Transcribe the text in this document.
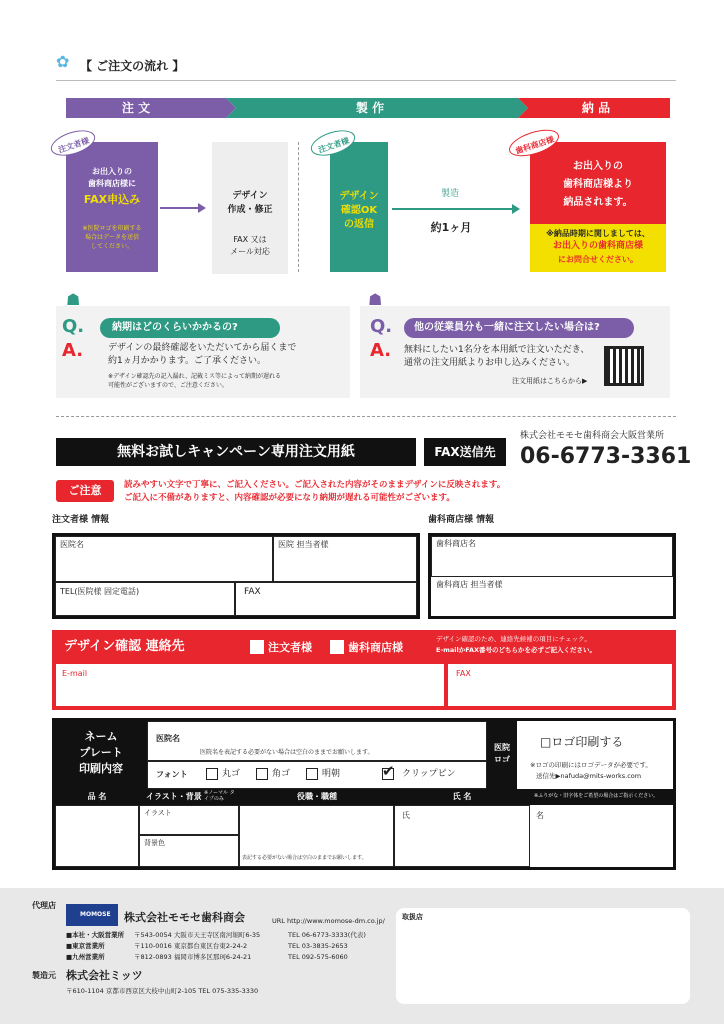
✿ 【 ご注文の流れ 】
注 文	製 作	納 品
注文者様
お出入りの
歯科商店様に
FAX申込み
※医院ロゴを印刷する
場合はデータを送信
してください。
デザイン
作成・修正
FAX 又は
メール対応
注文者様
デザイン
確認OK
の返信
製造
約1ヶ月
歯科商店様
お出入りの
歯科商店様より
納品されます。
※納品時期に関しましては、
お出入りの歯科商店様
にお問合せください。
☗
Q.	納期はどのくらいかかるの?
A.	デザインの最終確認をいただいてから届くまで
約1ヵ月かかります。ご了承ください。
※デザイン確認先の記入漏れ、記載ミス等によって納期が遅れる
可能性がございますので、ご注意ください。
☗
Q. 他の従業員分も一緒に注文したい場合は?
A. 無料にしたい1名分を本用紙で注文いただき、
通常の注文用紙よりお申し込みください。
注文用紙はこちらから▶
無料お試しキャンペーン専用注文用紙	FAX送信先
株式会社モモセ歯科商会大阪営業所
06-6773-3361
ご注意	読みやすい文字で丁寧に、ご記入ください。ご記入された内容がそのままデザインに反映されます。
ご記入に不備がありますと、内容確認が必要になり納期が遅れる可能性がございます。
注文者様 情報	歯科商店様 情報
医院名	医院 担当者様
TEL(医院様 固定電話)	FAX
歯科商店名
歯科商店 担当者様
デザイン確認 連絡先	注文者様	歯科商店様
デザイン確認のため、連絡先候補の項目にチェック。
E-mailかFAX番号のどちらかを必ずご記入ください。
E-mail	FAX
ネーム
プレート
印刷内容
医院名
医院名を表記する必要がない場合は空白のままでお願いします。
フォント	丸ゴ	角ゴ	明朝	✔ クリップピン
医院
ロゴ
□ロゴ印刷する
※ロゴの印刷にはロゴデータが必要です。
送信先▶nafuda@mits-works.com
品 名	イラスト・背景 ※ノーマル タイプのみ	役職・職種	氏 名	※ふりがな・旧字体をご希望の場合はご指示ください。
イラスト
背景色
表記する必要がない場合は空白のままでお願いします。
氏	名
代理店
MOMOSE 株式会社モモセ歯科商会	URL http://www.momose-dm.co.jp/
■本社・大阪営業所 〒543-0054 大阪市天王寺区南河堀町6-35	TEL 06-6773-3333(代表)
■東京営業所	〒110-0016 東京都台東区台東2-24-2	TEL 03-3835-2653
■九州営業所	〒812-0893 福岡市博多区那珂6-24-21	TEL 092-575-6060
製造元 株式会社ミッツ
〒610-1104 京都市西京区大枝中山町2-105 TEL 075-335-3330
取扱店
